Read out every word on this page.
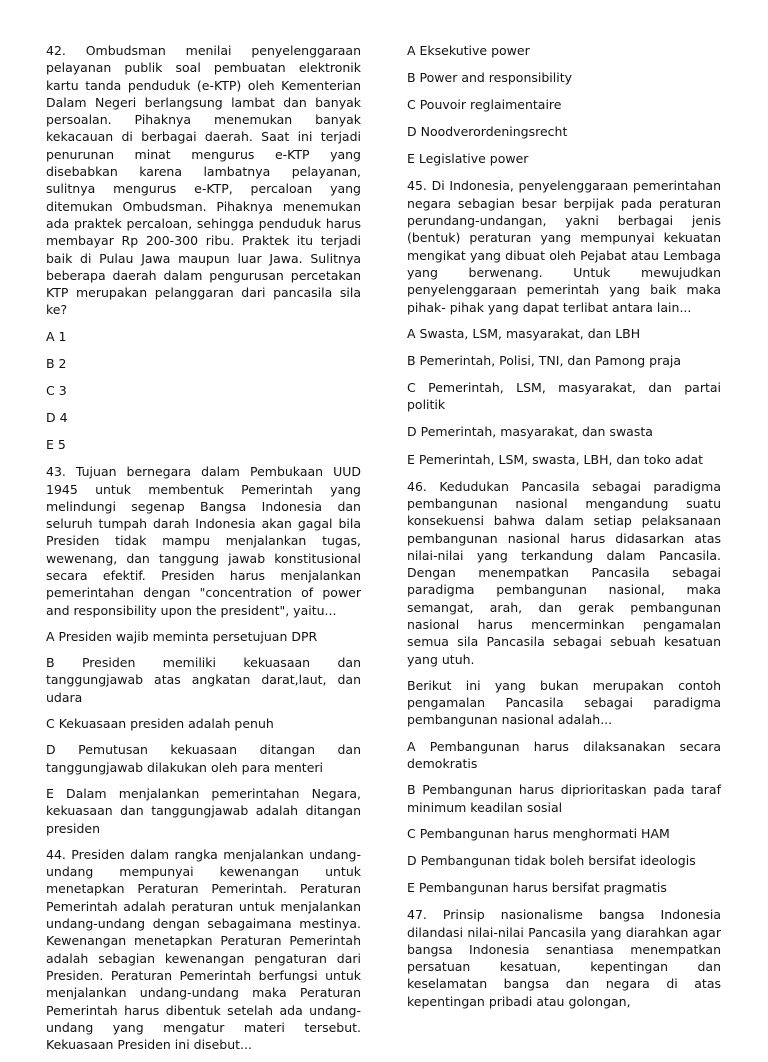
42. Ombudsman menilai penyelenggaraan pelayanan publik soal pembuatan elektronik kartu tanda penduduk (e-KTP) oleh Kementerian Dalam Negeri berlangsung lambat dan banyak persoalan. Pihaknya menemukan banyak kekacauan di berbagai daerah. Saat ini terjadi penurunan minat mengurus e-KTP yang disebabkan karena lambatnya pelayanan, sulitnya mengurus e-KTP, percaloan yang ditemukan Ombudsman. Pihaknya menemukan ada praktek percaloan, sehingga penduduk harus membayar Rp 200-300 ribu. Praktek itu terjadi baik di Pulau Jawa maupun luar Jawa. Sulitnya beberapa daerah dalam pengurusan percetakan KTP merupakan pelanggaran dari pancasila sila ke?

A 1

B 2

C 3

D 4

E 5

43. Tujuan bernegara dalam Pembukaan UUD 1945 untuk membentuk Pemerintah yang melindungi segenap Bangsa Indonesia dan seluruh tumpah darah Indonesia akan gagal bila Presiden tidak mampu menjalankan tugas, wewenang, dan tanggung jawab konstitusional secara efektif. Presiden harus menjalankan pemerintahan dengan "concentration of power and responsibility upon the president", yaitu...

A Presiden wajib meminta persetujuan DPR

B Presiden memiliki kekuasaan dan tanggungjawab atas angkatan darat,laut, dan udara

C Kekuasaan presiden adalah penuh

D Pemutusan kekuasaan ditangan dan tanggungjawab dilakukan oleh para menteri

E Dalam menjalankan pemerintahan Negara, kekuasaan dan tanggungjawab adalah ditangan presiden

44. Presiden dalam rangka menjalankan undang-undang mempunyai kewenangan untuk menetapkan Peraturan Pemerintah. Peraturan Pemerintah adalah peraturan untuk menjalankan undang-undang dengan sebagaimana mestinya. Kewenangan menetapkan Peraturan Pemerintah adalah sebagian kewenangan pengaturan dari Presiden. Peraturan Pemerintah berfungsi untuk menjalankan undang-undang maka Peraturan Pemerintah harus dibentuk setelah ada undang-undang yang mengatur materi tersebut. Kekuasaan Presiden ini disebut...

A Eksekutive power

B Power and responsibility

C Pouvoir reglaimentaire

D Noodverordeningsrecht

E Legislative power

45. Di Indonesia, penyelenggaraan pemerintahan negara sebagian besar berpijak pada peraturan perundang-undangan, yakni berbagai jenis (bentuk) peraturan yang mempunyai kekuatan mengikat yang dibuat oleh Pejabat atau Lembaga yang berwenang. Untuk mewujudkan penyelenggaraan pemerintah yang baik maka pihak- pihak yang dapat terlibat antara lain...

A Swasta, LSM, masyarakat, dan LBH

B Pemerintah, Polisi, TNI, dan Pamong praja

C Pemerintah, LSM, masyarakat, dan partai politik

D Pemerintah, masyarakat, dan swasta

E Pemerintah, LSM, swasta, LBH, dan toko adat

46. Kedudukan Pancasila sebagai paradigma pembangunan nasional mengandung suatu konsekuensi bahwa dalam setiap pelaksanaan pembangunan nasional harus didasarkan atas nilai-nilai yang terkandung dalam Pancasila. Dengan menempatkan Pancasila sebagai paradigma pembangunan nasional, maka semangat, arah, dan gerak pembangunan nasional harus mencerminkan pengamalan semua sila Pancasila sebagai sebuah kesatuan yang utuh.

Berikut ini yang bukan merupakan contoh pengamalan Pancasila sebagai paradigma pembangunan nasional adalah...

A Pembangunan harus dilaksanakan secara demokratis

B Pembangunan harus diprioritaskan pada taraf minimum keadilan sosial

C Pembangunan harus menghormati HAM

D Pembangunan tidak boleh bersifat ideologis

E Pembangunan harus bersifat pragmatis

47. Prinsip nasionalisme bangsa Indonesia dilandasi nilai-nilai Pancasila yang diarahkan agar bangsa Indonesia senantiasa menempatkan persatuan kesatuan, kepentingan dan keselamatan bangsa dan negara di atas kepentingan pribadi atau golongan,
